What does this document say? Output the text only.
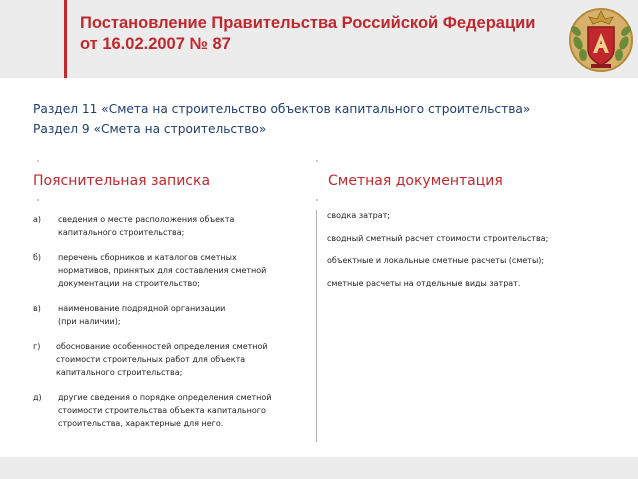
Постановление Правительства Российской Федерации
от 16.02.2007 № 87
Раздел 11 «Смета на строительство объектов капитального строительства»
Раздел 9 «Смета на строительство»
Пояснительная записка	Сметная документация
а)	сведения о месте расположения объекта
капитального строительства;
б)	перечень сборников и каталогов сметных
нормативов, принятых для составления сметной
документации на строительство;
в)	наименование подрядной организации
(при наличии);
г)	обоснование особенностей определения сметной
стоимости строительных работ для объекта
капитального строительства;
д)	другие сведения о порядке определения сметной
стоимости строительства объекта капитального
строительства, характерные для него.
сводка затрат;
сводный сметный расчет стоимости строительства;
объектные и локальные сметные расчеты (сметы);
сметные расчеты на отдельные виды затрат.
